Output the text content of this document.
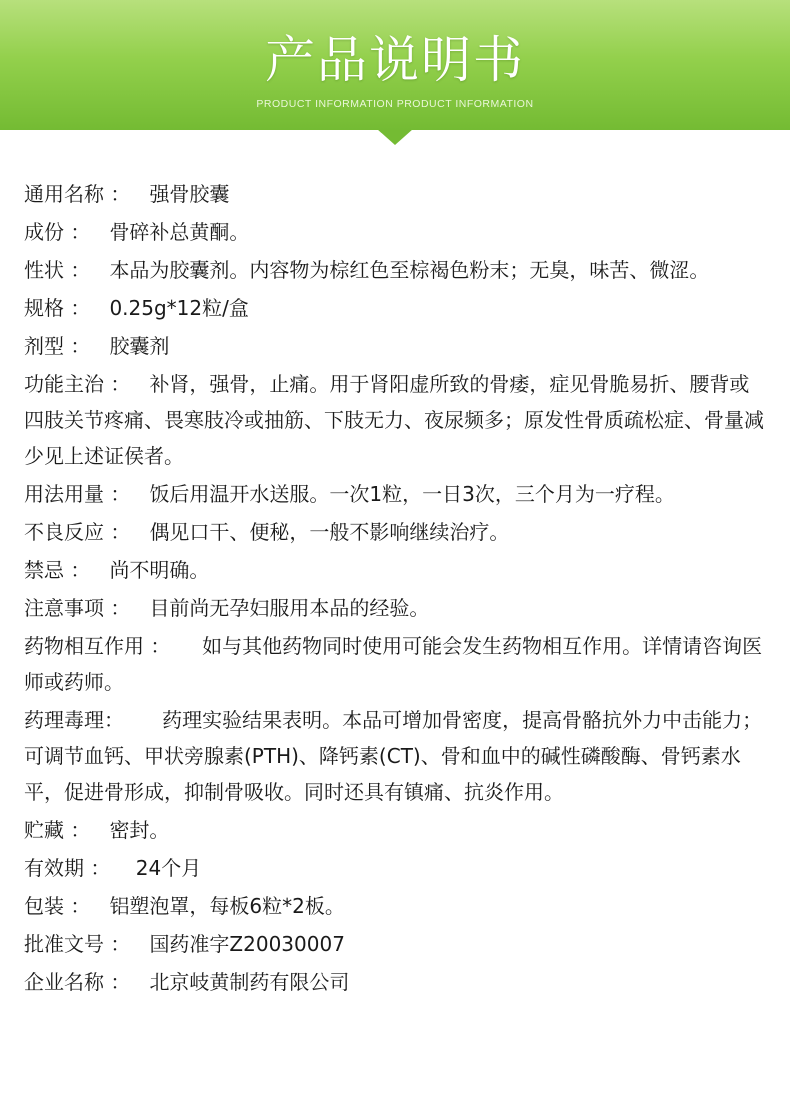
产品说明书
PRODUCT INFORMATION PRODUCT INFORMATION
通用名称 ：   强骨胶囊
成份 ：   骨碎补总黄酮。
性状 ：   本品为胶囊剂。内容物为棕红色至棕褐色粉末；无臭，味苦、微涩。
规格 ：   0.25g*12粒/盒
剂型 ：   胶囊剂
功能主治 ：   补肾，强骨，止痛。用于肾阳虚所致的骨痿，症见骨脆易折、腰背或四肢关节疼痛、畏寒肢冷或抽筋、下肢无力、夜尿频多；原发性骨质疏松症、骨量减少见上述证侯者。
用法用量 ：   饭后用温开水送服。一次1粒，一日3次，三个月为一疗程。
不良反应 ：   偶见口干、便秘，一般不影响继续治疗。
禁忌 ：   尚不明确。
注意事项 ：   目前尚无孕妇服用本品的经验。
药物相互作用 ：     如与其他药物同时使用可能会发生药物相互作用。详情请咨询医师或药师。
药理毒理：      药理实验结果表明。本品可增加骨密度，提高骨骼抗外力中击能力；可调节血钙、甲状旁腺素(PTH)、降钙素(CT)、骨和血中的碱性磷酸酶、骨钙素水平，促进骨形成，抑制骨吸收。同时还具有镇痛、抗炎作用。
贮藏 ：   密封。
有效期 ：    24个月
包装 ：   铝塑泡罩，每板6粒*2板。
批准文号 ：   国药准字Z20030007
企业名称 ：   北京岐黄制药有限公司
